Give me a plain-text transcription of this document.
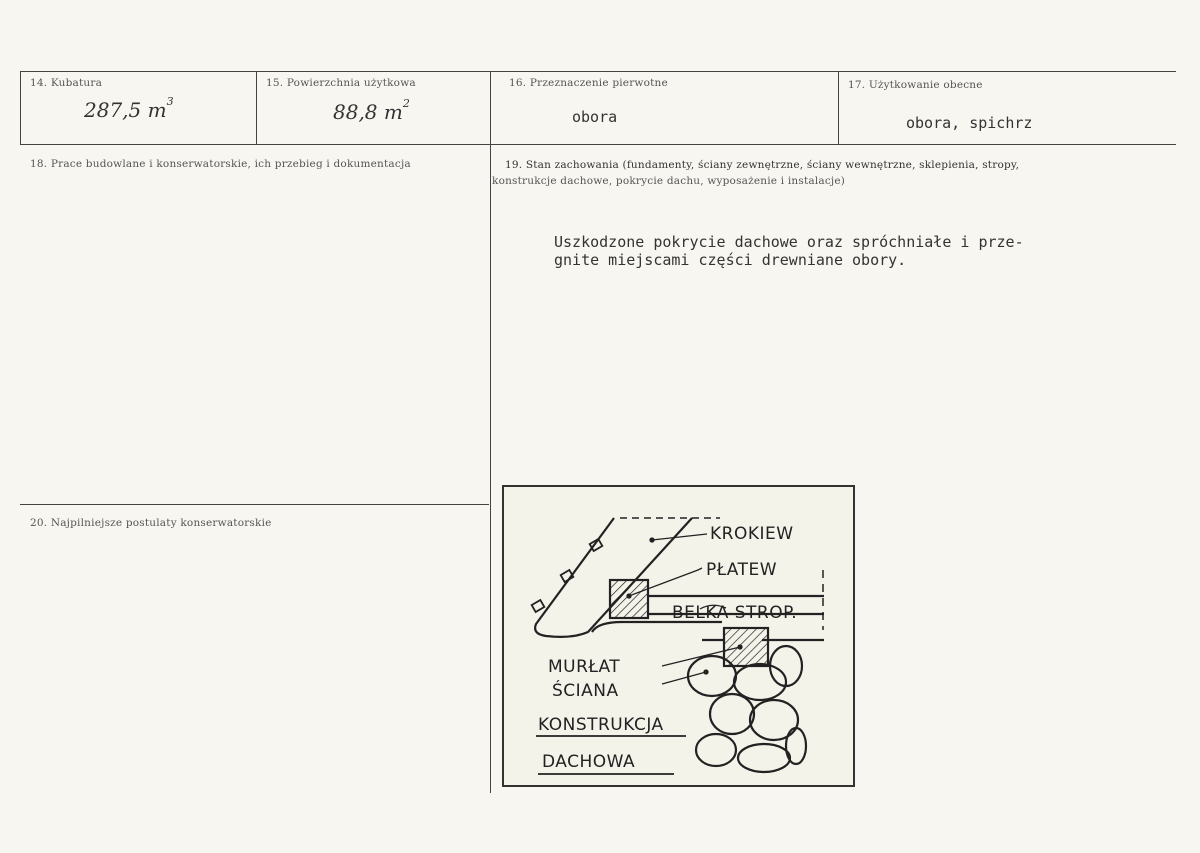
14. Kubatura
287,5 $m^3$
15. Powierzchnia użytkowa
88,8 $m^2$
16. Przeznaczenie pierwotne
obora
17. Użytkowanie obecne
obora, spichrz
18. Prace budowlane i konserwatorskie, ich przebieg i dokumentacja	19. Stan zachowania (fundamenty, ściany zewnętrzne, ściany wewnętrzne, sklepienia, stropy,
konstrukcje dachowe, pokrycie dachu, wyposażenie i instalacje)
Uszkodzone pokrycie dachowe oraz spróchniałe i prze-
gnite miejscami części drewniane obory.
20. Najpilniejsze postulaty konserwatorskie
KROKIEW
PŁATEW
BELKA STROP.
MURŁAT
ŚCIANA
KONSTRUKCJA
DACHOWA
